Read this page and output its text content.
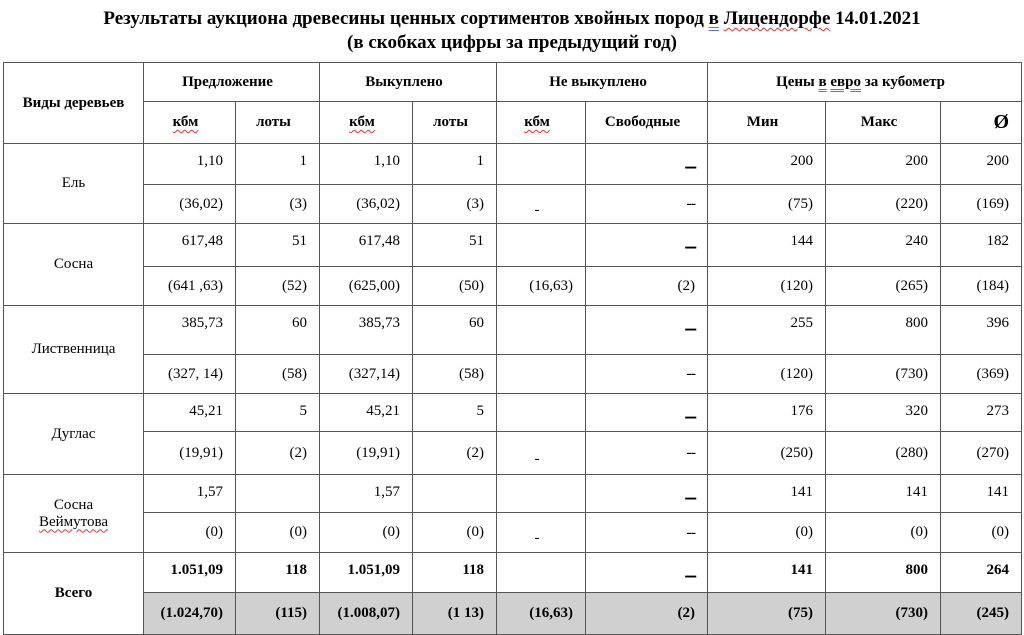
Результаты аукциона древесины ценных сортиментов хвойных пород в Лицендорфе 14.01.2021
(в скобках цифры за предыдущий год)
Виды деревьев	Предложение		Выкуплено		Не выкуплено		Цены в евро за кубометр		
	кбм	лоты	кбм	лоты	кбм	Свободные	Мин	Макс	Ø
Ель	1,10	1	1,10	1		--	200	200	200
	(36,02)	(3)	(36,02)	(3)	-	--	(75)	(220)	(169)
Сосна	617,48	51	617,48	51		--	144	240	182
	(641 ,63)	(52)	(625,00)	(50)	(16,63)	(2)	(120)	(265)	(184)
Лиственница	385,73	60	385,73	60		--	255	800	396
	(327, 14)	(58)	(327,14)	(58)		--	(120)	(730)	(369)
Дуглас	45,21	5	45,21	5		--	176	320	273
	(19,91)	(2)	(19,91)	(2)	-	--	(250)	(280)	(270)

Сосна
Веймутова	1,57		1,57			--	141	141	141
	(0)	(0)	(0)	(0)	-	--	(0)	(0)	(0)
Всего	1.051,09	118	1.051,09	118		--	141	800	264
	(1.024,70)	(115)	(1.008,07)	(1 13)	(16,63)	(2)	(75)	(730)	(245)
